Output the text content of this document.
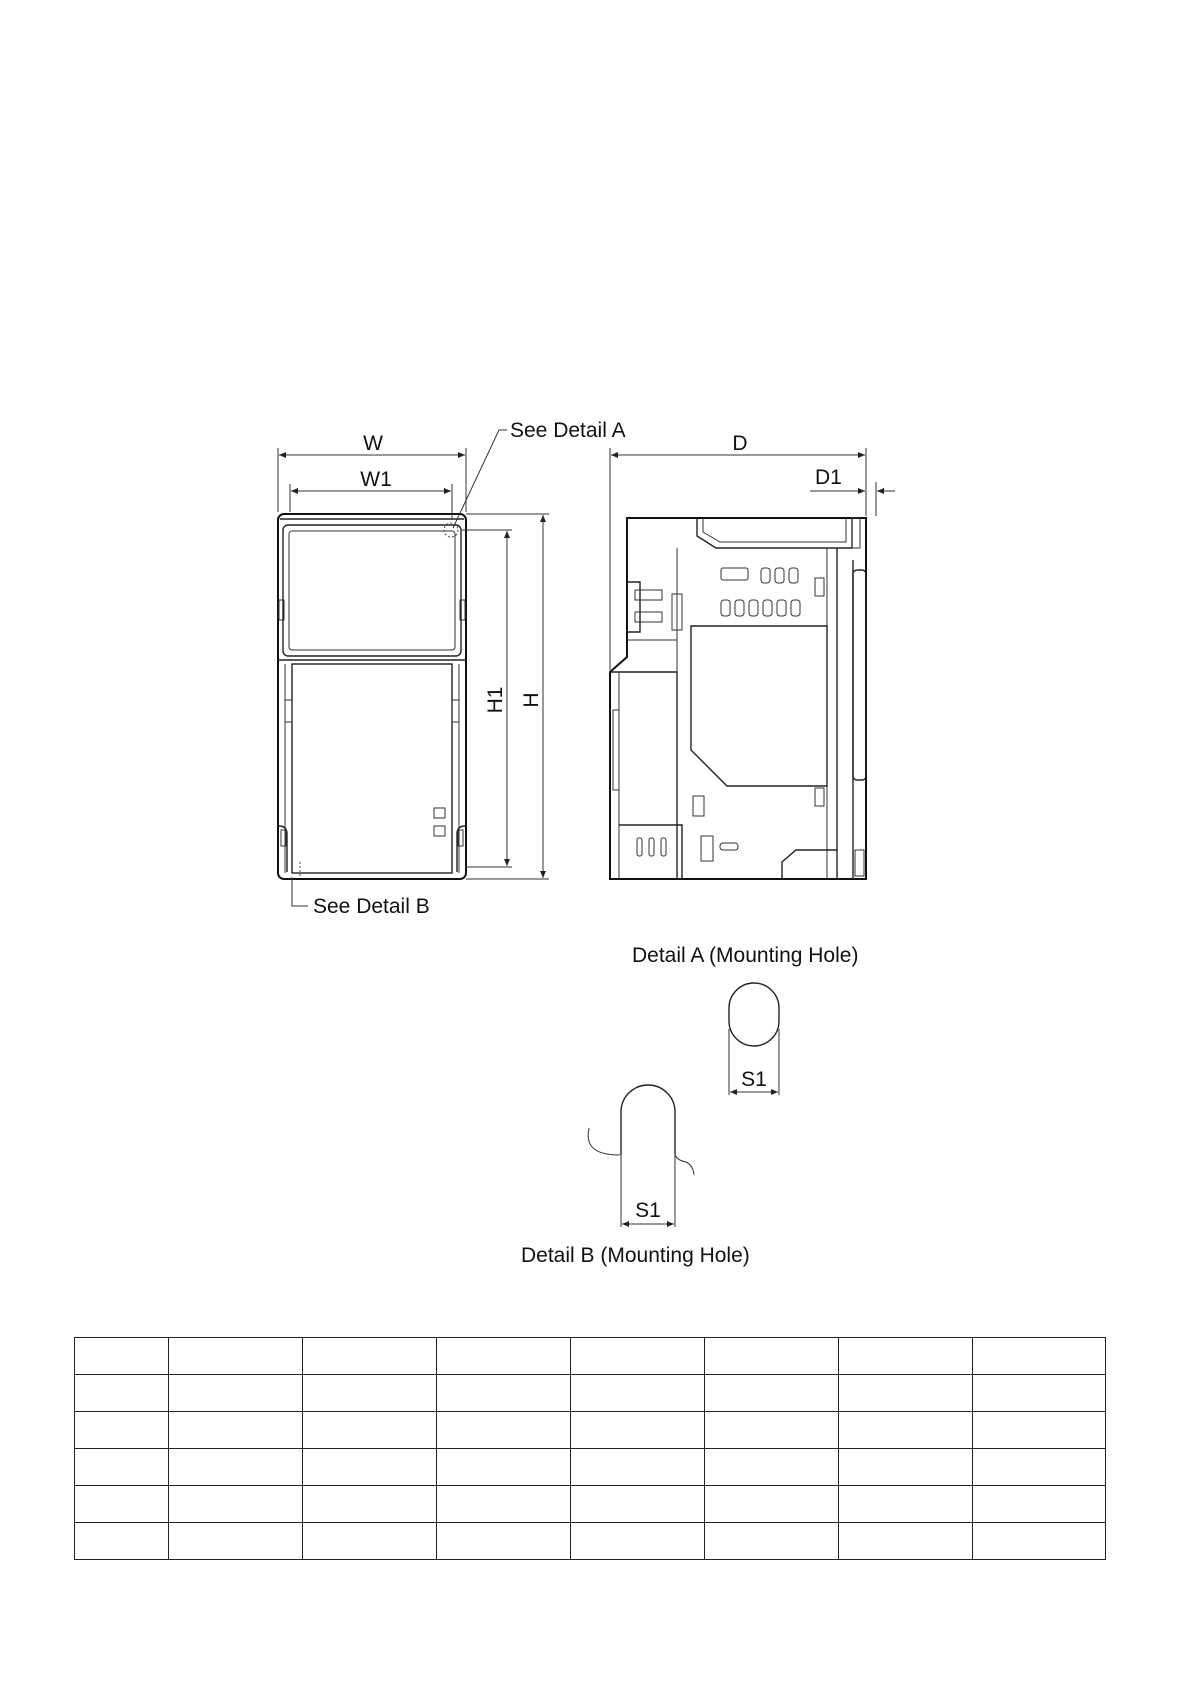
W
W1
See Detail A
H1 H
See Detail B
D
D1
Detail A (Mounting Hole)
S1
S1
Detail B (Mounting Hole)
